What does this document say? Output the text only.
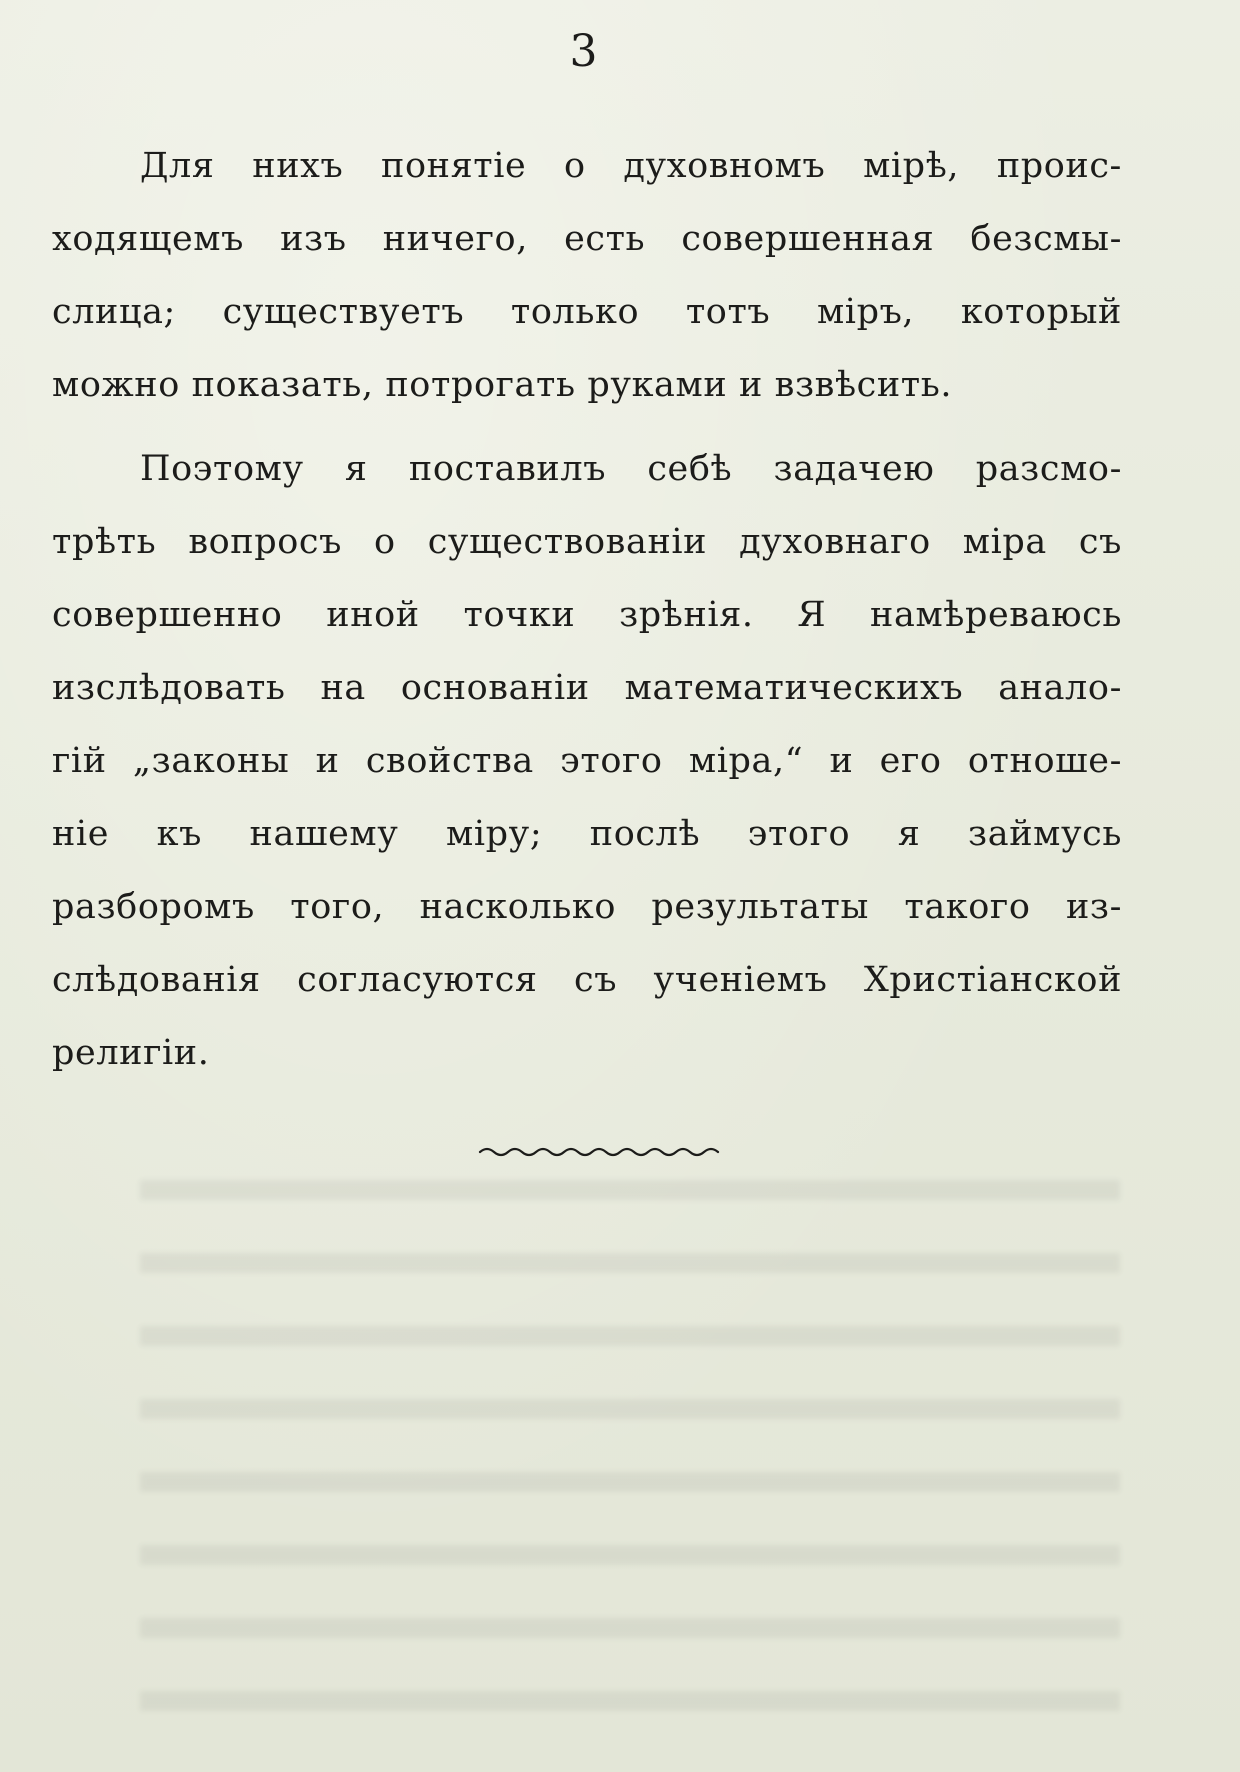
3
Для нихъ понятіе о духовномъ мірѣ, проис-
ходящемъ изъ ничего, есть совершенная безсмы-
слица; существуетъ только тотъ міръ, который
можно показать, потрогать руками и взвѣсить.
Поэтому я поставилъ себѣ задачею разсмо-
трѣть вопросъ о существованіи духовнаго міра съ
совершенно иной точки зрѣнія. Я намѣреваюсь
изслѣдовать на основаніи математическихъ анало-
гій „законы и свойства этого міра,“ и его отноше-
ніе къ нашему міру; послѣ этого я займусь
разборомъ того, насколько результаты такого из-
слѣдованія согласуются съ ученіемъ Христіанской
религіи.
